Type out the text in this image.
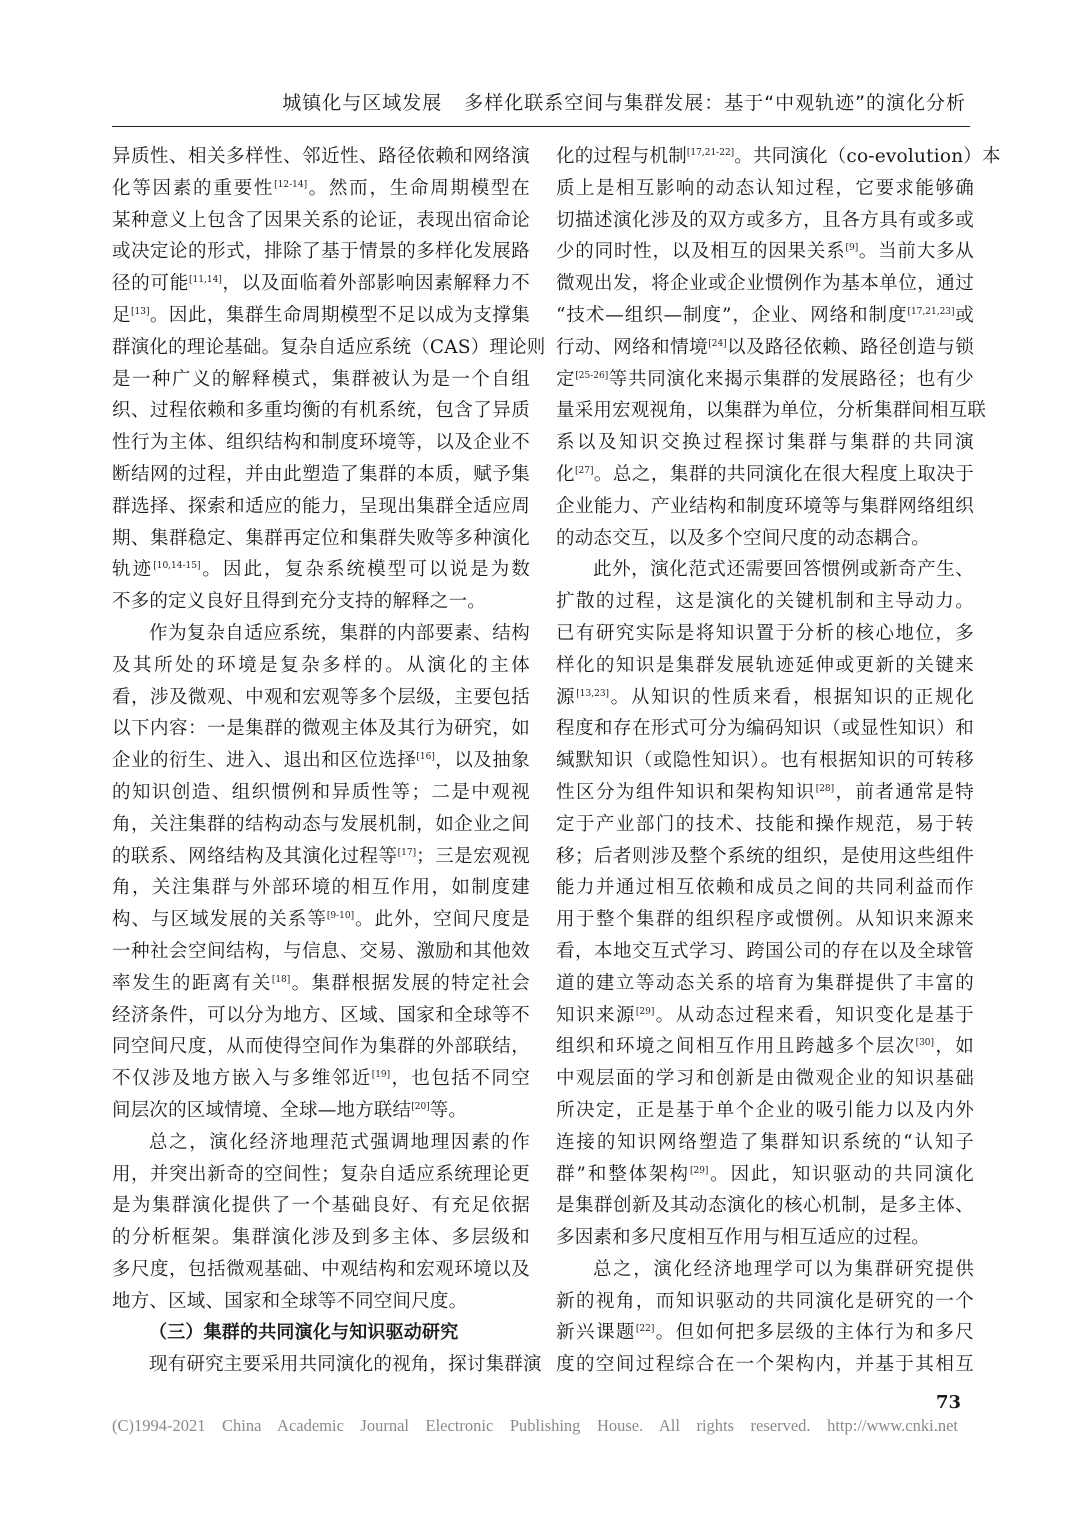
城镇化与区域发展 多样化联系空间与集群发展：基于“中观轨迹”的演化分析
异质性、相关多样性、邻近性、路径依赖和网络演
化等因素的重要性[12-14]。然而，生命周期模型在
某种意义上包含了因果关系的论证，表现出宿命论
或决定论的形式，排除了基于情景的多样化发展路
径的可能[11,14]，以及面临着外部影响因素解释力不
足[13]。因此，集群生命周期模型不足以成为支撑集
群演化的理论基础。复杂自适应系统（CAS）理论则
是一种广义的解释模式，集群被认为是一个自组
织、过程依赖和多重均衡的有机系统，包含了异质
性行为主体、组织结构和制度环境等，以及企业不
断结网的过程，并由此塑造了集群的本质，赋予集
群选择、探索和适应的能力，呈现出集群全适应周
期、集群稳定、集群再定位和集群失败等多种演化
轨迹[10,14-15]。因此，复杂系统模型可以说是为数
不多的定义良好且得到充分支持的解释之一。
作为复杂自适应系统，集群的内部要素、结构
及其所处的环境是复杂多样的。从演化的主体
看，涉及微观、中观和宏观等多个层级，主要包括
以下内容：一是集群的微观主体及其行为研究，如
企业的衍生、进入、退出和区位选择[16]，以及抽象
的知识创造、组织惯例和异质性等；二是中观视
角，关注集群的结构动态与发展机制，如企业之间
的联系、网络结构及其演化过程等[17]；三是宏观视
角，关注集群与外部环境的相互作用，如制度建
构、与区域发展的关系等[9-10]。此外，空间尺度是
一种社会空间结构，与信息、交易、激励和其他效
率发生的距离有关[18]。集群根据发展的特定社会
经济条件，可以分为地方、区域、国家和全球等不
同空间尺度，从而使得空间作为集群的外部联结，
不仅涉及地方嵌入与多维邻近[19]，也包括不同空
间层次的区域情境、全球—地方联结[20]等。
总之，演化经济地理范式强调地理因素的作
用，并突出新奇的空间性；复杂自适应系统理论更
是为集群演化提供了一个基础良好、有充足依据
的分析框架。集群演化涉及到多主体、多层级和
多尺度，包括微观基础、中观结构和宏观环境以及
地方、区域、国家和全球等不同空间尺度。
（三）集群的共同演化与知识驱动研究
现有研究主要采用共同演化的视角，探讨集群演
化的过程与机制[17,21-22]。共同演化（co-evolution）本
质上是相互影响的动态认知过程，它要求能够确
切描述演化涉及的双方或多方，且各方具有或多或
少的同时性，以及相互的因果关系[9]。当前大多从
微观出发，将企业或企业惯例作为基本单位，通过
“技术—组织—制度”，企业、网络和制度[17,21,23]或
行动、网络和情境[24]以及路径依赖、路径创造与锁
定[25-26]等共同演化来揭示集群的发展路径；也有少
量采用宏观视角，以集群为单位，分析集群间相互联
系以及知识交换过程探讨集群与集群的共同演
化[27]。总之，集群的共同演化在很大程度上取决于
企业能力、产业结构和制度环境等与集群网络组织
的动态交互，以及多个空间尺度的动态耦合。
此外，演化范式还需要回答惯例或新奇产生、
扩散的过程，这是演化的关键机制和主导动力。
已有研究实际是将知识置于分析的核心地位，多
样化的知识是集群发展轨迹延伸或更新的关键来
源[13,23]。从知识的性质来看，根据知识的正规化
程度和存在形式可分为编码知识（或显性知识）和
缄默知识（或隐性知识）。也有根据知识的可转移
性区分为组件知识和架构知识[28]，前者通常是特
定于产业部门的技术、技能和操作规范，易于转
移；后者则涉及整个系统的组织，是使用这些组件
能力并通过相互依赖和成员之间的共同利益而作
用于整个集群的组织程序或惯例。从知识来源来
看，本地交互式学习、跨国公司的存在以及全球管
道的建立等动态关系的培育为集群提供了丰富的
知识来源[29]。从动态过程来看，知识变化是基于
组织和环境之间相互作用且跨越多个层次[30]，如
中观层面的学习和创新是由微观企业的知识基础
所决定，正是基于单个企业的吸引能力以及内外
连接的知识网络塑造了集群知识系统的“认知子
群”和整体架构[29]。因此，知识驱动的共同演化
是集群创新及其动态演化的核心机制，是多主体、
多因素和多尺度相互作用与相互适应的过程。
总之，演化经济地理学可以为集群研究提供
新的视角，而知识驱动的共同演化是研究的一个
新兴课题[22]。但如何把多层级的主体行为和多尺
度的空间过程综合在一个架构内，并基于其相互
73
(C)1994-2021 China Academic Journal Electronic Publishing House. All rights reserved. http://www.cnki.net
